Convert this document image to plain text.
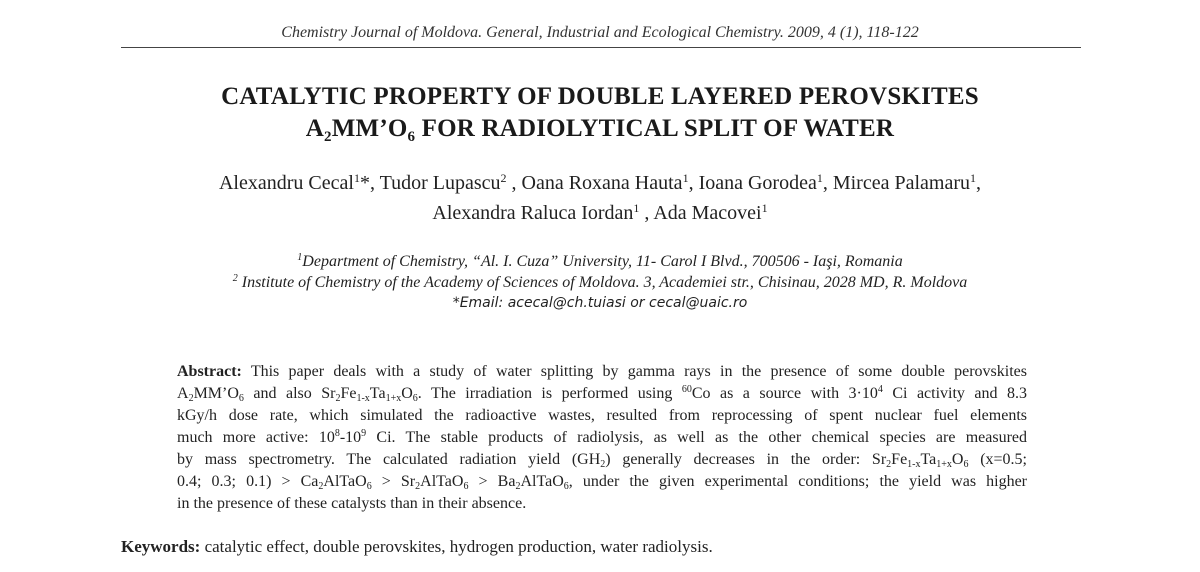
Chemistry Journal of Moldova. General, Industrial and Ecological Chemistry. 2009, 4 (1), 118-122
CATALYTIC PROPERTY OF DOUBLE LAYERED PEROVSKITES
$A_2MM’O_6$ FOR RADIOLYTICAL SPLIT OF WATER
Alexandru Cecal$^1$*, Tudor Lupascu$^2$ , Oana Roxana Hauta$^1$, Ioana Gorodea$^1$, Mircea Palamaru$^1$,
Alexandra Raluca Iordan$^1$ , Ada Macovei$^1$
$^1$Department of Chemistry, “Al. I. Cuza” University, 11- Carol I Blvd., 700506 - Iaşi, Romania
$^2$ Institute of Chemistry of the Academy of Sciences of Moldova. 3, Academiei str., Chisinau, 2028 MD, R. Moldova
*Email: acecal@ch.tuiasi or cecal@uaic.ro
Abstract: This paper deals with a study of water splitting by gamma rays in the presence of some double perovskites
$A_2MM’O_6$ and also $Sr_2Fe_{1-x}Ta_{1+x}O_6$. The irradiation is performed using $^{60}$Co as a source with $3\cdot 10^4$ Ci activity and 8.3
kGy/h dose rate, which simulated the radioactive wastes, resulted from reprocessing of spent nuclear fuel elements
much more active: $10^8-10^9$ Ci. The stable products of radiolysis, as well as the other chemical species are measured
by mass spectrometry. The calculated radiation yield $(GH_2)$ generally decreases in the order: $Sr_2Fe_{1-x}Ta_{1+x}O_6$ (x=0.5;
0.4; 0.3; $0.1) > Ca_2AlTaO_6$ > $Sr_2AlTaO_6$ > $Ba_2AlTaO_6$, under the given experimental conditions; the yield was higher
in the presence of these catalysts than in their absence.
Keywords: catalytic effect, double perovskites, hydrogen production, water radiolysis.
